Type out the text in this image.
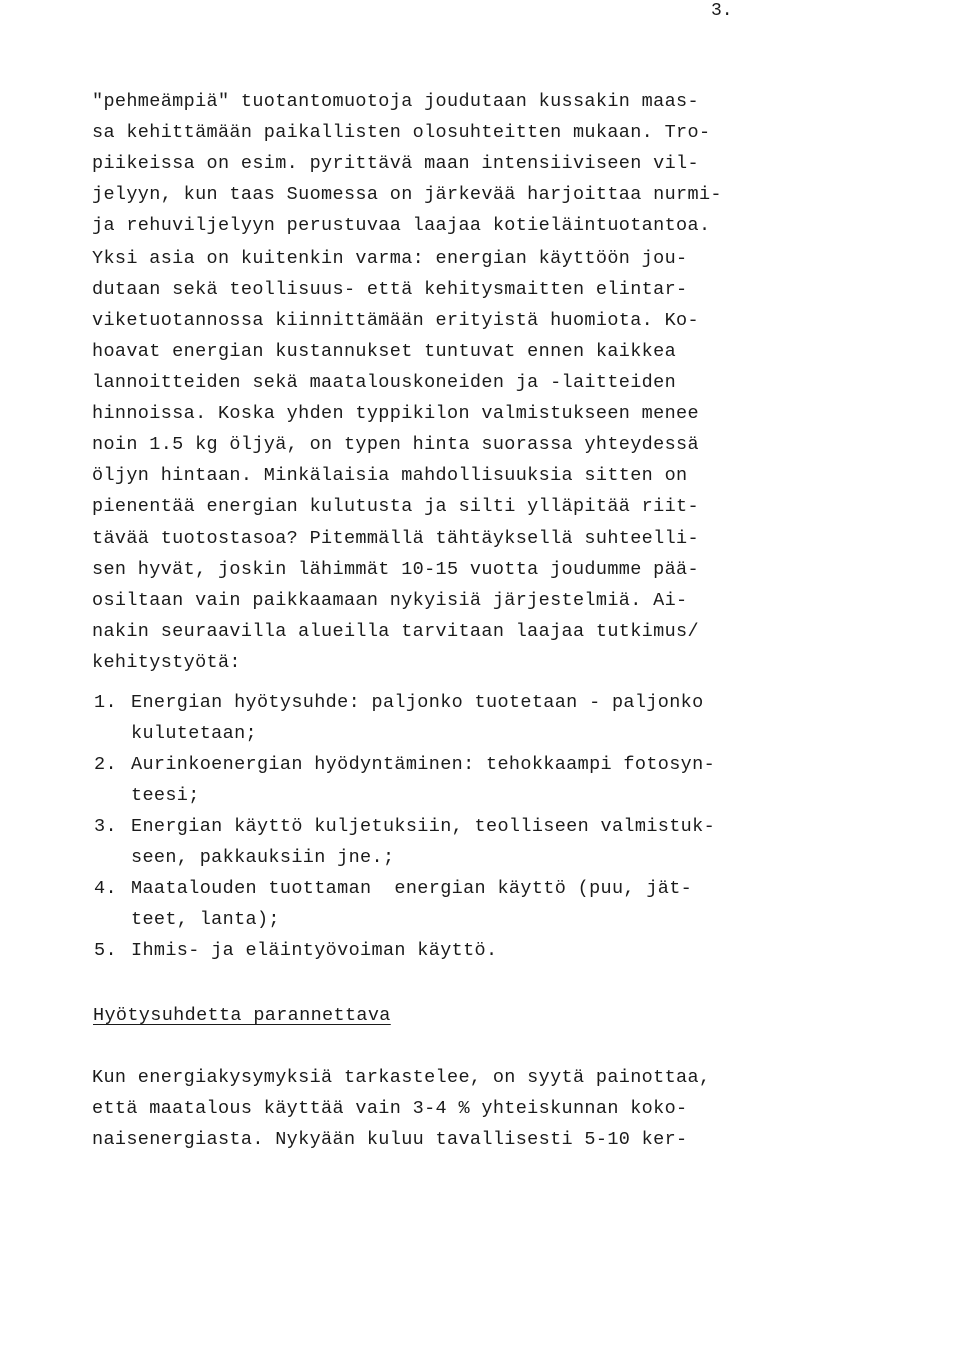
3.

"pehmeämpiä" tuotantomuotoja joudutaan kussakin maas-

sa kehittämään paikallisten olosuhteitten mukaan. Tro-

piikeissa on esim. pyrittävä maan intensiiviseen vil-

jelyyn, kun taas Suomessa on järkevää harjoittaa nurmi-

ja rehuviljelyyn perustuvaa laajaa kotieläintuotantoa.

Yksi asia on kuitenkin varma: energian käyttöön jou-

dutaan sekä teollisuus- että kehitysmaitten elintar-

viketuotannossa kiinnittämään erityistä huomiota. Ko-

hoavat energian kustannukset tuntuvat ennen kaikkea

lannoitteiden sekä maatalouskoneiden ja -laitteiden

hinnoissa. Koska yhden typpikilon valmistukseen menee

noin 1.5 kg öljyä, on typen hinta suorassa yhteydessä

öljyn hintaan. Minkälaisia mahdollisuuksia sitten on

pienentää energian kulutusta ja silti ylläpitää riit-

tävää tuotostasoa? Pitemmällä tähtäyksellä suhteelli-

sen hyvät, joskin lähimmät 10-15 vuotta joudumme pää-

osiltaan vain paikkaamaan nykyisiä järjestelmiä. Ai-

nakin seuraavilla alueilla tarvitaan laajaa tutkimus/

kehitystyötä:

1. Energian hyötysuhde: paljonko tuotetaan - paljonko

kulutetaan;

2. Aurinkoenergian hyödyntäminen: tehokkaampi fotosyn-

teesi;

3. Energian käyttö kuljetuksiin, teolliseen valmistuk-

seen, pakkauksiin jne.;

4. Maatalouden tuottaman  energian käyttö (puu, jät-

teet, lanta);

5. Ihmis- ja eläintyövoiman käyttö.

Hyötysuhdetta parannettava

Kun energiakysymyksiä tarkastelee, on syytä painottaa,

että maatalous käyttää vain 3-4 % yhteiskunnan koko-

naisenergiasta. Nykyään kuluu tavallisesti 5-10 ker-
